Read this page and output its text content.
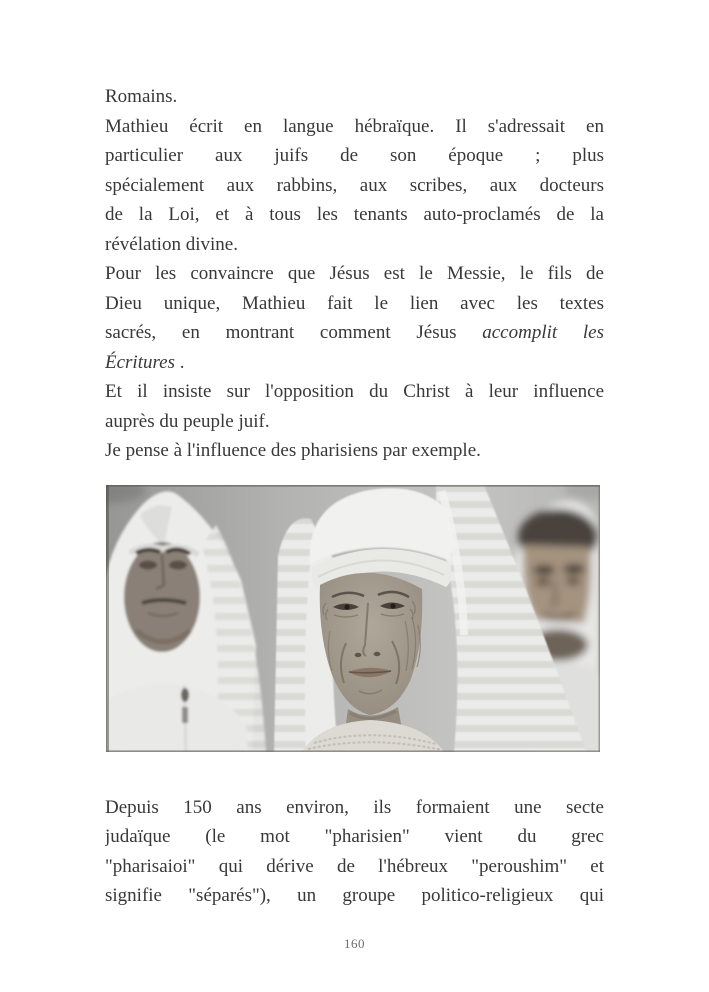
Romains.
Mathieu écrit en langue hébraïque. Il s'adressait en
particulier aux juifs de son époque ; plus
spécialement aux rabbins, aux scribes, aux docteurs
de la Loi, et à tous les tenants auto-proclamés de la
révélation divine.
Pour les convaincre que Jésus est le Messie, le fils de
Dieu unique, Mathieu fait le lien avec les textes
sacrés, en montrant comment Jésus accomplit les
Écritures .
Et il insiste sur l'opposition du Christ à leur influence
auprès du peuple juif.
Je pense à l'influence des pharisiens par exemple.
Depuis 150 ans environ, ils formaient une secte
judaïque (le mot "pharisien" vient du grec
"pharisaioi" qui dérive de l'hébreux "peroushim" et
signifie "séparés"), un groupe politico-religieux qui
160
